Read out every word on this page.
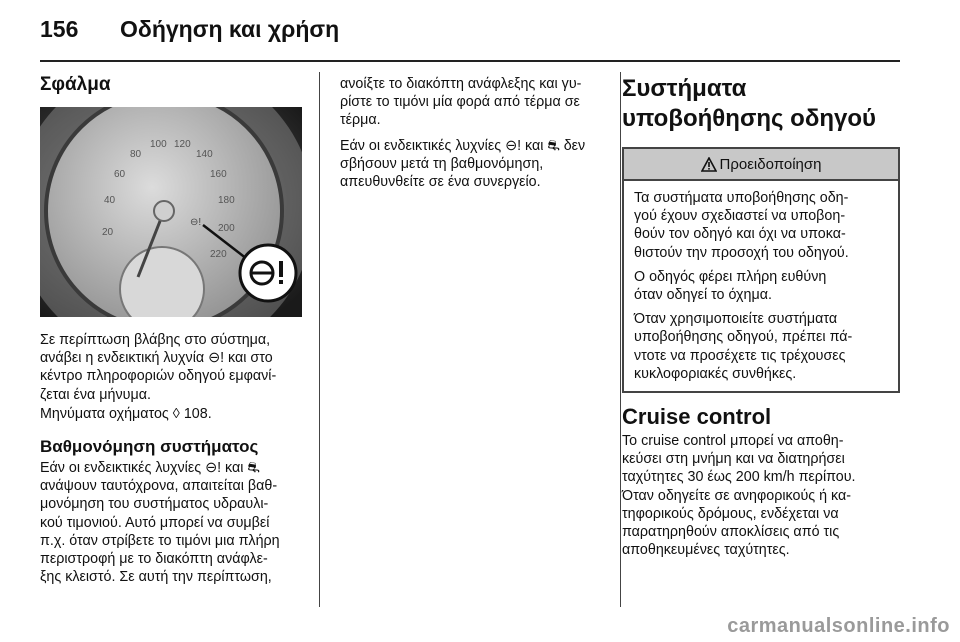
156 Οδήγηση και χρήση
Σφάλμα
20
40
60
80
100 120
140
160
180
200
220
⊖!
Σε περίπτωση βλάβης στο σύστημα,
ανάβει η ενδεικτική λυχνία ⊖! και στο
κέντρο πληροφοριών οδηγού εμφανί-
ζεται ένα μήνυμα.
Μηνύματα οχήματος ◊ 108.
Βαθμονόμηση συστήματος
Εάν οι ενδεικτικές λυχνίες ⊖! και ⛐
ανάψουν ταυτόχρονα, απαιτείται βαθ-
μονόμηση του συστήματος υδραυλι-
κού τιμονιού. Αυτό μπορεί να συμβεί
π.χ. όταν στρίβετε το τιμόνι μια πλήρη
περιστροφή με το διακόπτη ανάφλε-
ξης κλειστό. Σε αυτή την περίπτωση,
ανοίξτε το διακόπτη ανάφλεξης και γυ-
ρίστε το τιμόνι μία φορά από τέρμα σε
τέρμα.
Εάν οι ενδεικτικές λυχνίες ⊖! και ⛐ δεν
σβήσουν μετά τη βαθμονόμηση,
απευθυνθείτε σε ένα συνεργείο.
Συστήματα
υποβοήθησης οδηγού
Προειδοποίηση
Τα συστήματα υποβοήθησης οδη-
γού έχουν σχεδιαστεί να υποβοη-
θούν τον οδηγό και όχι να υποκα-
θιστούν την προσοχή του οδηγού.
Ο οδηγός φέρει πλήρη ευθύνη
όταν οδηγεί το όχημα.
Όταν χρησιμοποιείτε συστήματα
υποβοήθησης οδηγού, πρέπει πά-
ντοτε να προσέχετε τις τρέχουσες
κυκλοφοριακές συνθήκες.
Cruise control
Το cruise control μπορεί να αποθη-
κεύσει στη μνήμη και να διατηρήσει
ταχύτητες 30 έως 200 km/h περίπου.
Όταν οδηγείτε σε ανηφορικούς ή κα-
τηφορικούς δρόμους, ενδέχεται να
παρατηρηθούν αποκλίσεις από τις
αποθηκευμένες ταχύτητες.
carmanualsonline.info
